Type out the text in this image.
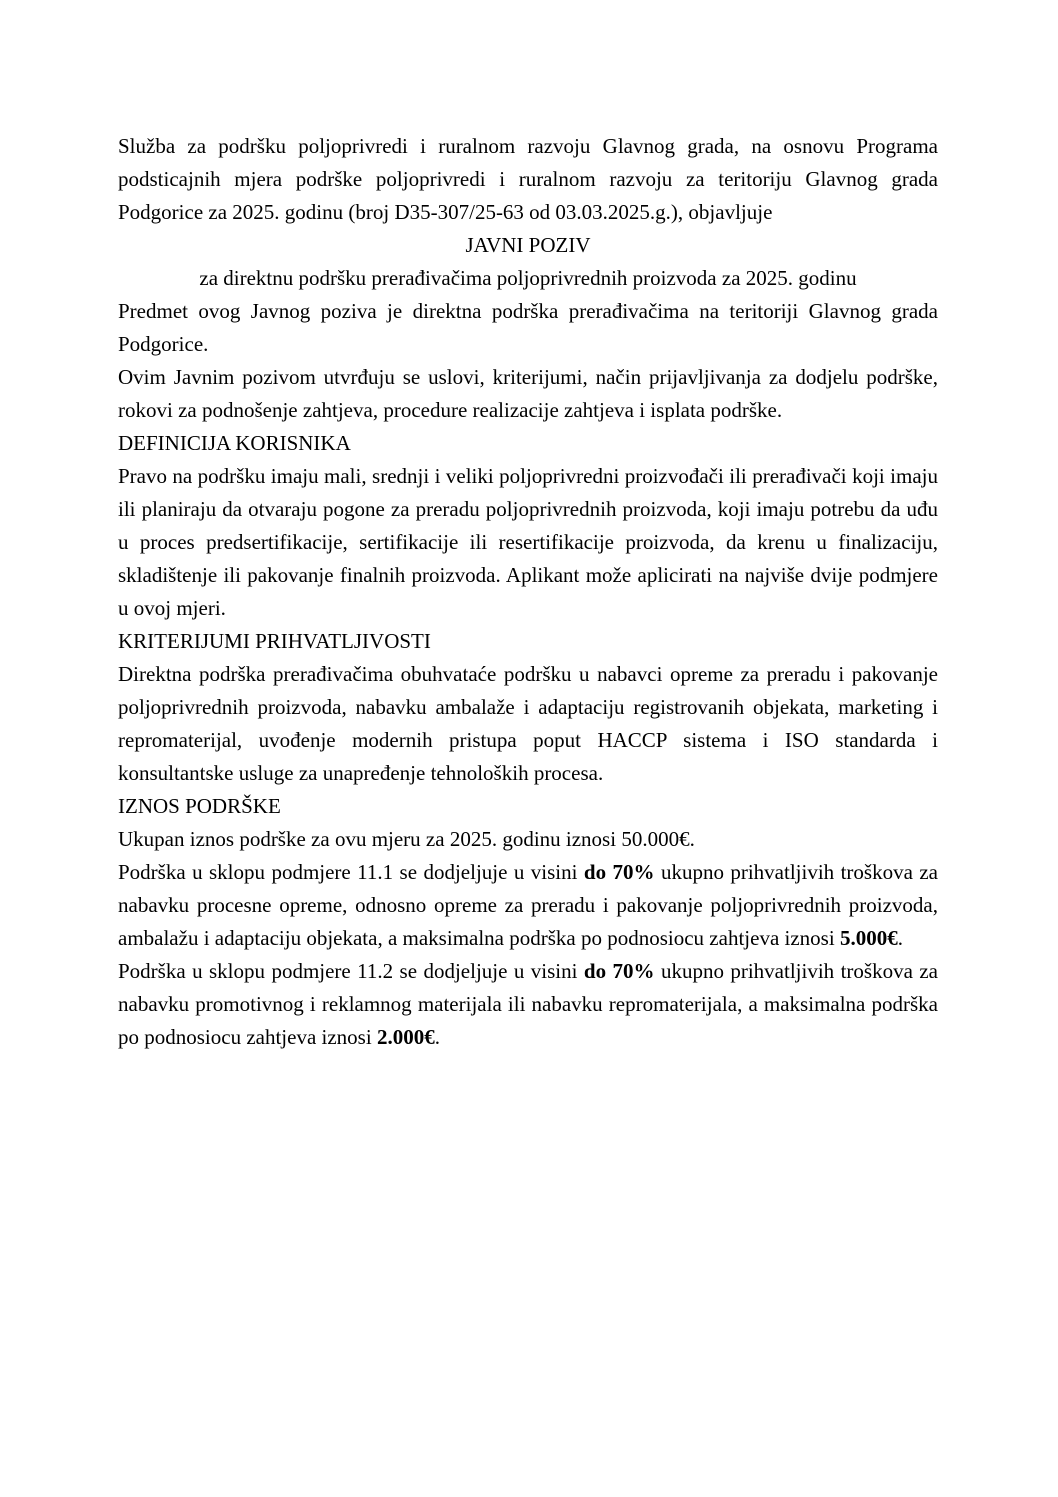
Služba za podršku poljoprivredi i ruralnom razvoju Glavnog grada, na osnovu Programa podsticajnih mjera podrške poljoprivredi i ruralnom razvoju za teritoriju Glavnog grada Podgorice za 2025. godinu (broj D35-307/25-63 od 03.03.2025.g.), objavljuje

JAVNI POZIV
za direktnu podršku prerađivačima poljoprivrednih proizvoda za 2025. godinu

Predmet ovog Javnog poziva je direktna podrška prerađivačima na teritoriji Glavnog grada Podgorice.

Ovim Javnim pozivom utvrđuju se uslovi, kriterijumi, način prijavljivanja za dodjelu podrške, rokovi za podnošenje zahtjeva, procedure realizacije zahtjeva i isplata podrške.

DEFINICIJA KORISNIKA

Pravo na podršku imaju mali, srednji i veliki poljoprivredni proizvođači ili prerađivači koji imaju ili planiraju da otvaraju pogone za preradu poljoprivrednih proizvoda, koji imaju potrebu da uđu u proces predsertifikacije, sertifikacije ili resertifikacije proizvoda, da krenu u finalizaciju, skladištenje ili pakovanje finalnih proizvoda. Aplikant može aplicirati na najviše dvije podmjere u ovoj mjeri.

KRITERIJUMI PRIHVATLJIVOSTI

Direktna podrška prerađivačima obuhvataće podršku u nabavci opreme za preradu i pakovanje poljoprivrednih proizvoda, nabavku ambalaže i adaptaciju registrovanih objekata, marketing i repromaterijal, uvođenje modernih pristupa poput HACCP sistema i ISO standarda i konsultantske usluge za unapređenje tehnoloških procesa.

IZNOS PODRŠKE

Ukupan iznos podrške za ovu mjeru za 2025. godinu iznosi 50.000€.

Podrška u sklopu podmjere 11.1 se dodjeljuje u visini do 70% ukupno prihvatljivih troškova za nabavku procesne opreme, odnosno opreme za preradu i pakovanje poljoprivrednih proizvoda, ambalažu i adaptaciju objekata, a maksimalna podrška po podnosiocu zahtjeva iznosi 5.000€.

Podrška u sklopu podmjere 11.2 se dodjeljuje u visini do 70% ukupno prihvatljivih troškova za nabavku promotivnog i reklamnog materijala ili nabavku repromaterijala, a maksimalna podrška po podnosiocu zahtjeva iznosi 2.000€.
